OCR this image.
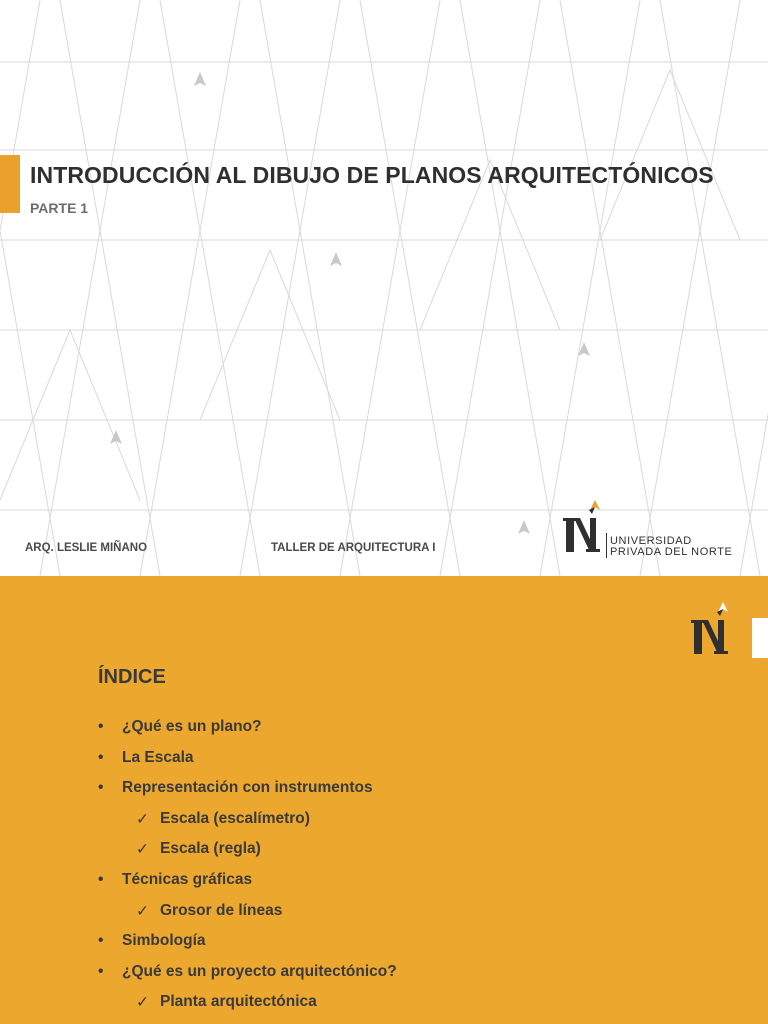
INTRODUCCIÓN AL DIBUJO DE PLANOS ARQUITECTÓNICOS

PARTE 1

ARQ. LESLIE MIÑANO	TALLER DE ARQUITECTURA I

UNIVERSIDAD

PRIVADA DEL NORTE

ÍNDICE
•	¿Qué es un plano?
•	La Escala
•	Representación con instrumentos
✓ Escala (escalímetro)
✓ Escala (regla)
•	Técnicas gráficas
✓ Grosor de líneas
•	Simbología
•	¿Qué es un proyecto arquitectónico?
✓ Planta arquitectónica
